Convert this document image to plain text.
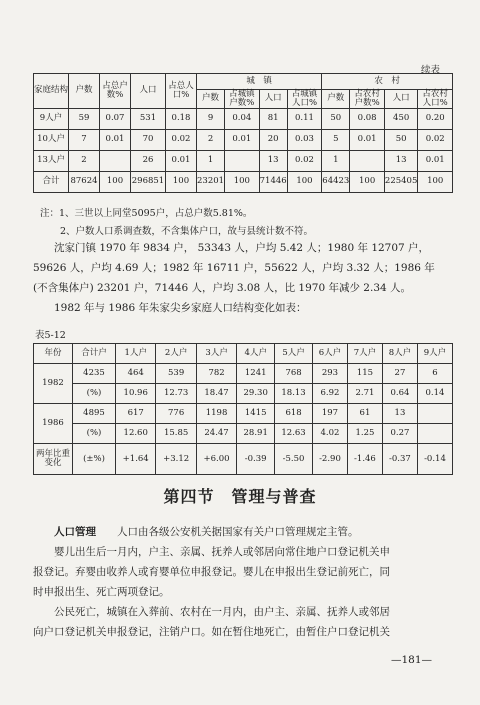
续表
家庭结构	户数	占总户数%	人口	占总人口%	城　镇				农　村			
					户数	占城镇户数%	人口	占城镇人口%	户数	占农村户数%	人口	占农村人口%
9人户	59	0.07	531	0.18	9	0.04	81	0.11	50	0.08	450	0.20
10人户	7	0.01	70	0.02	2	0.01	20	0.03	5	0.01	50	0.02
13人户	2		26	0.01	1		13	0.02	1		13	0.01
合计	87624	100	296851	100	23201	100	71446	100	64423	100	225405	100
注：1、三世以上同堂5095户，占总户数5.81%。
2、户数人口系调查数，不含集体户口，故与县统计数不符。

沈家门镇 1970 年 9834 户， 53343 人，户均 5.42 人；1980 年 12707 户，

59626 人，户均 4.69 人；1982 年 16711 户，55622 人，户均 3.32 人；1986 年

(不含集体户) 23201 户，71446 人，户均 3.08 人，比 1970 年减少 2.34 人。

1982 年与 1986 年朱家尖乡家庭人口结构变化如表：

表5-12
年份	合计户	1人户	2人户	3人户	4人户	5人户	6人户	7人户	8人户	9人户
1982	4235	464	539	782	1241	768	293	115	27	6
	(%)	10.96	12.73	18.47	29.30	18.13	6.92	2.71	0.64	0.14
1986	4895	617	776	1198	1415	618	197	61	13	
	(%)	12.60	15.85	24.47	28.91	12.63	4.02	1.25	0.27	
两年比重变化	(±%)	+1.64	+3.12	+6.00	-0.39	-5.50	-2.90	-1.46	-0.37	-0.14
第四节　管理与普查

人口管理　　 人口由各级公安机关据国家有关户口管理规定主管。

婴儿出生后一月内，户主、亲属、抚养人或邻居向常住地户口登记机关申

报登记。弃婴由收养人或育婴单位申报登记。婴儿在申报出生登记前死亡，同

时申报出生、死亡两项登记。

公民死亡，城镇在入葬前、农村在一月内，由户主、亲属、抚养人或邻居

向户口登记机关申报登记，注销户口。如在暂住地死亡，由暂住户口登记机关

—181—
